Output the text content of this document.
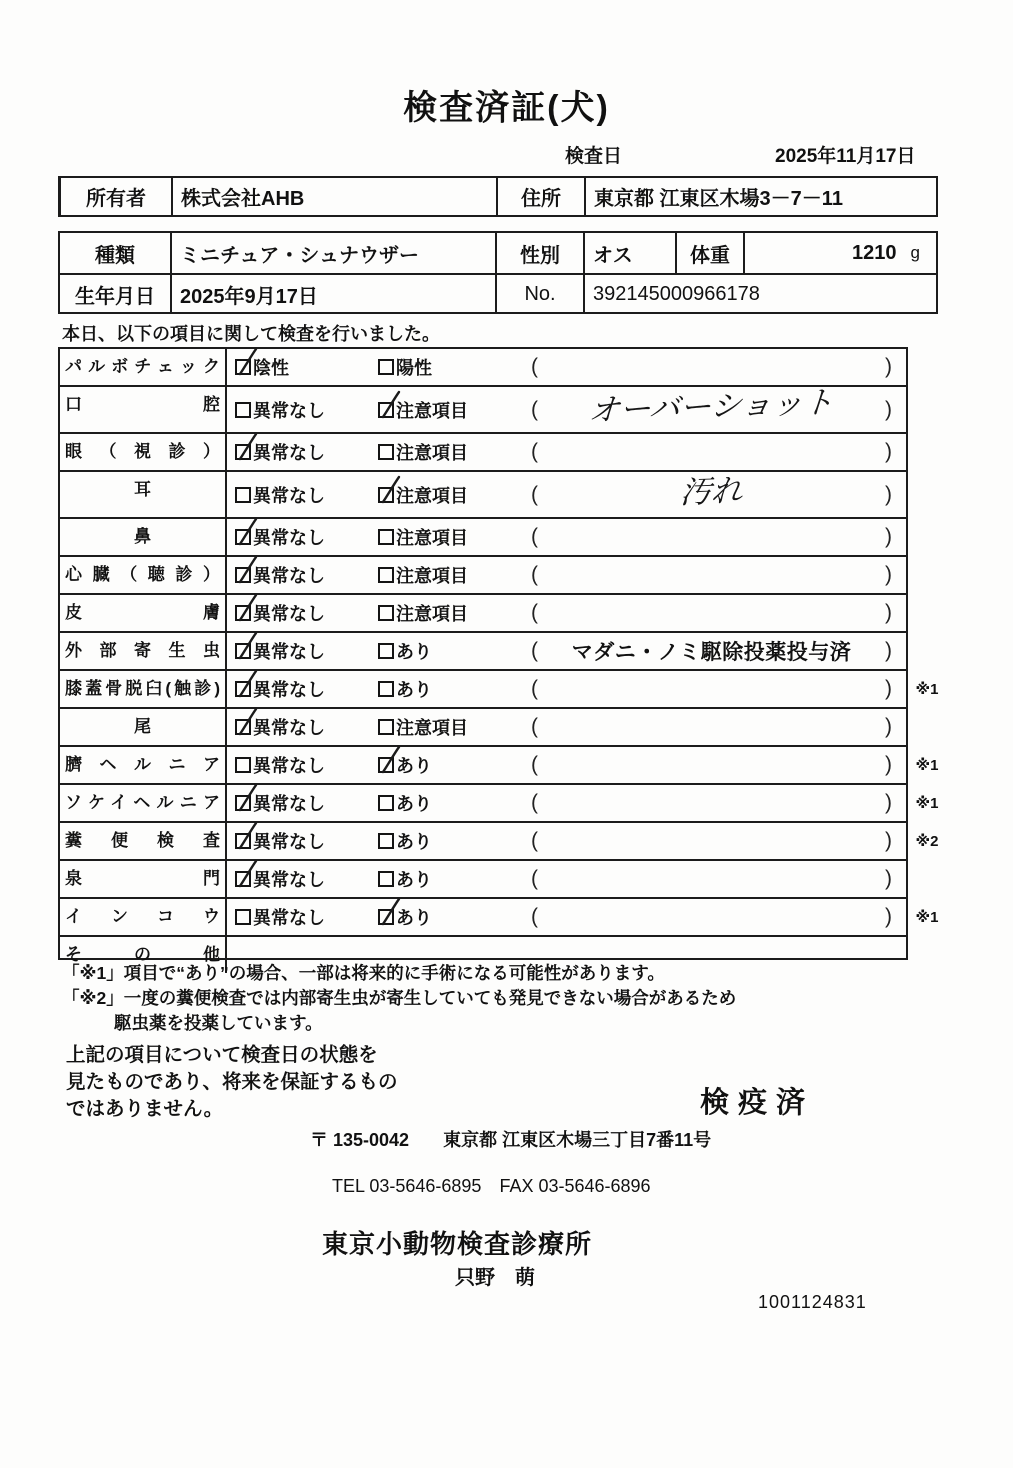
検査済証(犬)
検査日	2025年11月17日
所有者	株式会社AHB	住所	東京都 江東区木場3－7－11
種類	ミニチュア・シュナウザー	性別	オス	体重	1210 g
生年月日	2025年9月17日	No.	392145000966178
本日、以下の項目に関して検査を行いました。
パルボチェック	陰性	陽性	(	)
口腔	異常なし	注意項目	(	オーバーショット	)
眼（視診）	異常なし	注意項目	(	)
耳	異常なし	注意項目	(	汚れ	)
鼻	異常なし	注意項目	(	)
心臓（聴診）	異常なし	注意項目	(	)
皮膚	異常なし	注意項目	(	)
外部寄生虫	異常なし	あり	(	マダニ・ノミ駆除投薬投与済	)
膝蓋骨脱臼(触診)	異常なし	あり	(	)	※1
尾	異常なし	注意項目	(	)
臍ヘルニア	異常なし	あり	(	)	※1
ソケイヘルニア	異常なし	あり	(	)	※1
糞便検査	異常なし	あり	(	)	※2
泉門	異常なし	あり	(	)
インコウ	異常なし	あり	(	)	※1
その他
「※1」項目で“あり”の場合、一部は将来的に手術になる可能性があります。
「※2」一度の糞便検査では内部寄生虫が寄生していても発見できない場合があるため
駆虫薬を投薬しています。
上記の項目について検査日の状態を
見たものであり、将来を保証するもの
ではありません。	検疫済
〒 135-0042 東京都 江東区木場三丁目7番11号
TEL 03-5646-6895 FAX 03-5646-6896
東京小動物検査診療所
只野　萌
1001124831
